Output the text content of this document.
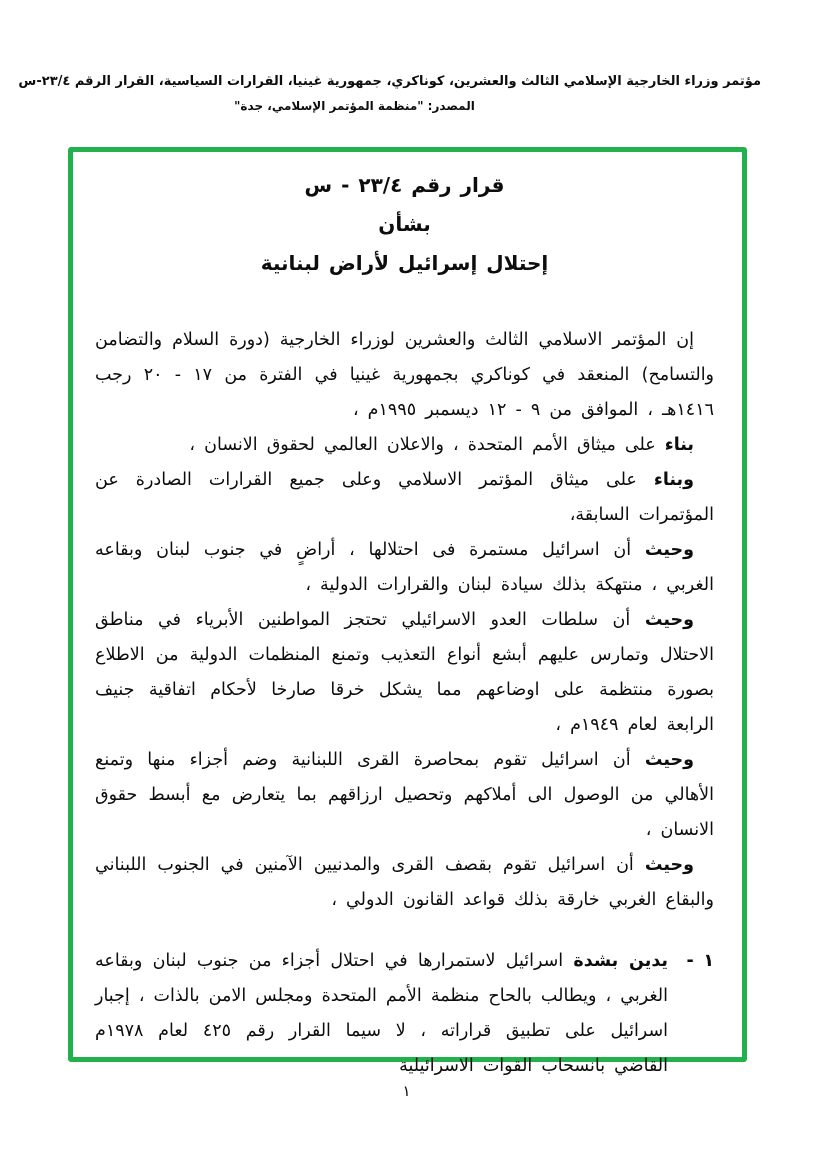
مؤتمر وزراء الخارجية الإسلامي الثالث والعشرين، كوناكري، جمهورية غينيا، القرارات السياسية، القرار الرقم ٢٣/٤-س
المصدر: "منظمة المؤتمر الإسلامي، جدة"
قرار رقم ٢٣/٤ - س
بشأن
إحتلال إسرائيل لأراض لبنانية

إن المؤتمر الاسلامي الثالث والعشرين لوزراء الخارجية (دورة السلام والتضامن والتسامح) المنعقد في كوناكري بجمهورية غينيا في الفترة من ١٧ - ٢٠ رجب ١٤١٦هـ ، الموافق من ٩ - ١٢ ديسمبر ١٩٩٥م ،

بناء على ميثاق الأمم المتحدة ، والاعلان العالمي لحقوق الانسان ،

وبناء على ميثاق المؤتمر الاسلامي وعلى جميع القرارات الصادرة عن المؤتمرات السابقة،

وحيث أن اسرائيل مستمرة فى احتلالها ، أراضٍ في جنوب لبنان وبقاعه الغربي ، منتهكة بذلك سيادة لبنان والقرارات الدولية ،

وحيث أن سلطات العدو الاسرائيلي تحتجز المواطنين الأبرياء في مناطق الاحتلال وتمارس عليهم أبشع أنواع التعذيب وتمنع المنظمات الدولية من الاطلاع بصورة منتظمة على اوضاعهم مما يشكل خرقا صارخا لأحكام اتفاقية جنيف الرابعة لعام ١٩٤٩م ،

وحيث أن اسرائيل تقوم بمحاصرة القرى اللبنانية وضم أجزاء منها وتمنع الأهالي من الوصول الى أملاكهم وتحصيل ارزاقهم بما يتعارض مع أبسط حقوق الانسان ،

وحيث أن اسرائيل تقوم بقصف القرى والمدنيين الآمنين في الجنوب اللبناني والبقاع الغربي خارقة بذلك قواعد القانون الدولي ،

١ -

يدين بشدة اسرائيل لاستمرارها في احتلال أجزاء من جنوب لبنان وبقاعه الغربي ، ويطالب بالحاح منظمة الأمم المتحدة ومجلس الامن بالذات ، إجبار اسرائيل على تطبيق قراراته ، لا سيما القرار رقم ٤٢٥ لعام ١٩٧٨م القاضي بانسحاب القوات الاسرائيلية

١
